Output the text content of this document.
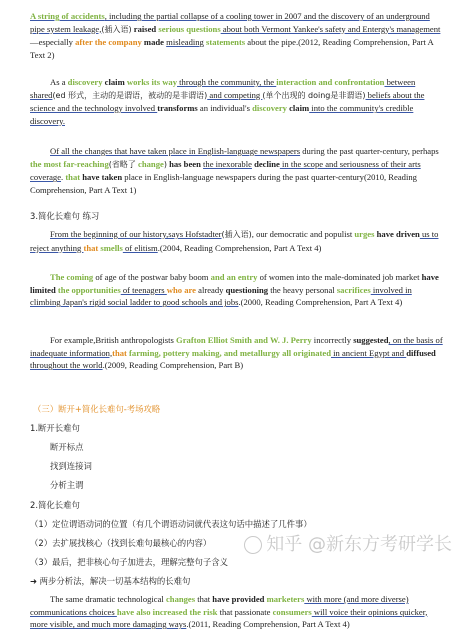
A string of accidents, including the partial collapse of a cooling tower in 2007 and the discovery of an underground pipe system leakage,(插入语) raised serious questions about both Vermont Yankee's safety and Entergy's management —especially after the company made misleading statements about the pipe.(2012, Reading Comprehension, Part A Text 2)

As a discovery claim works its way through the community, the interaction and confrontation between shared(ed 形式，主动的是谓语，被动的是非谓语) and competing (单个出现的 doing是非谓语) beliefs about the science and the technology involved transforms an individual's discovery claim into the community's credible discovery.

Of all the changes that have taken place in English-language newspapers during the past quarter-century, perhaps the most far-reaching(省略了 change) has been the inexorable decline in the scope and seriousness of their arts coverage. that have taken place in English-language newspapers during the past quarter-century(2010, Reading Comprehension, Part A Text 1)

3.简化长难句 练习

From the beginning of our history,says Hofstadter(插入语), our democratic and populist urges have driven us to reject anything that smells of elitism.(2004, Reading Comprehension, Part A Text 4)

The coming of age of the postwar baby boom and an entry of women into the male-dominated job market have limited the opportunities of teenagers who are already questioning the heavy personal sacrifices involved in climbing Japan's rigid social ladder to good schools and jobs.(2000, Reading Comprehension, Part A Text 4)

For example,British anthropologists Grafton Elliot Smith and W. J. Perry incorrectly suggested, on the basis of inadequate information,that farming, pottery making, and metallurgy all originated in ancient Egypt and diffused throughout the world.(2009, Reading Comprehension, Part B)

（三）断开+简化长难句-考场攻略
1.断开长难句
断开标点
找到连接词
分析主谓
2.简化长难句
（1）定位谓语动词的位置（有几个谓语动词就代表这句话中描述了几件事）
（2）去扩展找核心（找到长难句最核心的内容）
（3）最后，把非核心句子加进去，理解完整句子含义
➜ 两步分析法，解决一切基本结构的长难句

The same dramatic technological changes that have provided marketers with more (and more diverse) communications choices have also increased the risk that passionate consumers will voice their opinions quicker, more visible, and much more damaging ways.(2011, Reading Comprehension, Part A Text 4)

知乎 @新东方考研学长
